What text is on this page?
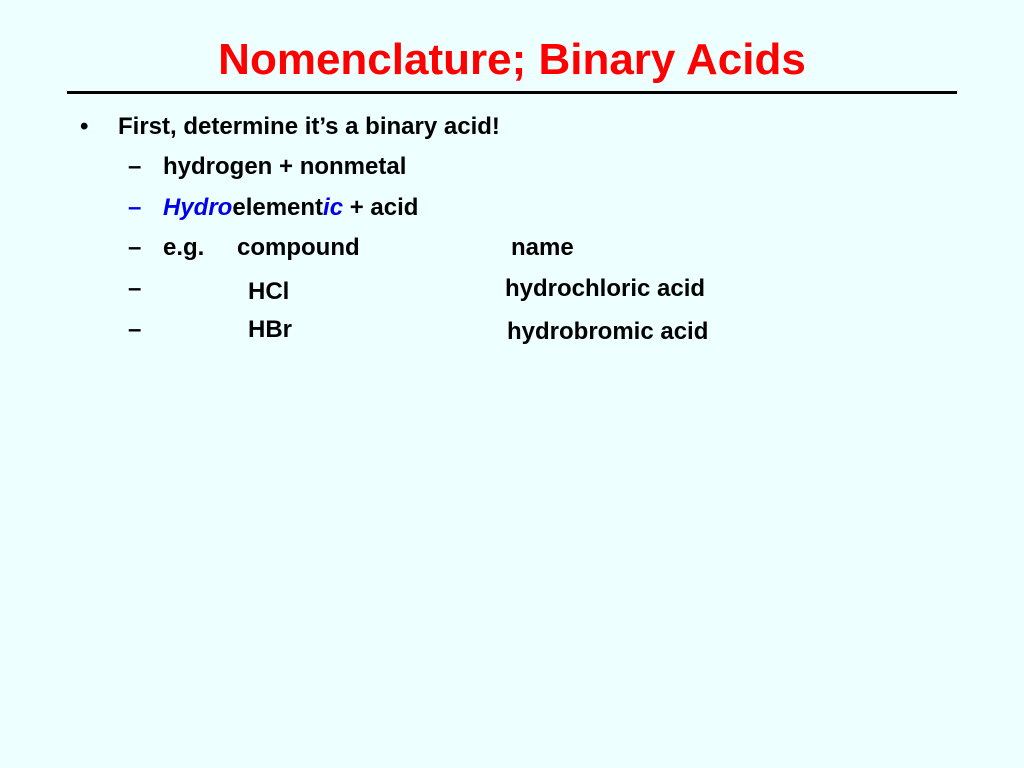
Nomenclature; Binary Acids
• First, determine it’s a binary acid!
– hydrogen + nonmetal
– Hydroelementic + acid
– e.g. compound	name
–	HCl	hydrochloric acid
–	HBr	hydrobromic acid
